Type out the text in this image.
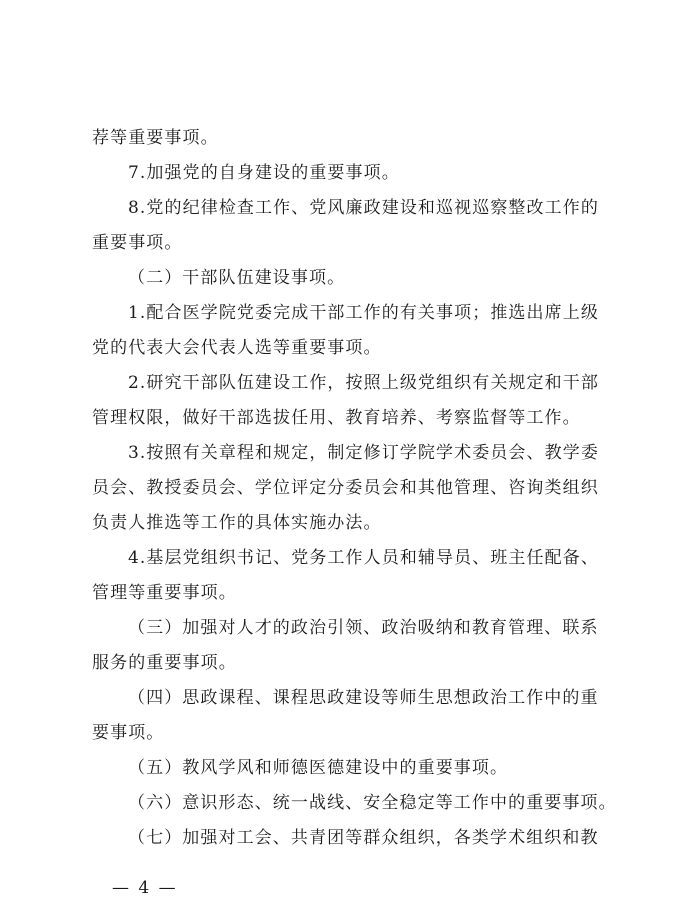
荐等重要事项。
7.加强党的自身建设的重要事项。
8.党的纪律检查工作、党风廉政建设和巡视巡察整改工作的
重要事项。
（二）干部队伍建设事项。
1.配合医学院党委完成干部工作的有关事项；推选出席上级
党的代表大会代表人选等重要事项。
2.研究干部队伍建设工作，按照上级党组织有关规定和干部
管理权限，做好干部选拔任用、教育培养、考察监督等工作。
3.按照有关章程和规定，制定修订学院学术委员会、教学委
员会、教授委员会、学位评定分委员会和其他管理、咨询类组织
负责人推选等工作的具体实施办法。
4.基层党组织书记、党务工作人员和辅导员、班主任配备、
管理等重要事项。
（三）加强对人才的政治引领、政治吸纳和教育管理、联系
服务的重要事项。
（四）思政课程、课程思政建设等师生思想政治工作中的重
要事项。
（五）教风学风和师德医德建设中的重要事项。
（六）意识形态、统一战线、安全稳定等工作中的重要事项。
（七）加强对工会、共青团等群众组织，各类学术组织和教

— 4 —
